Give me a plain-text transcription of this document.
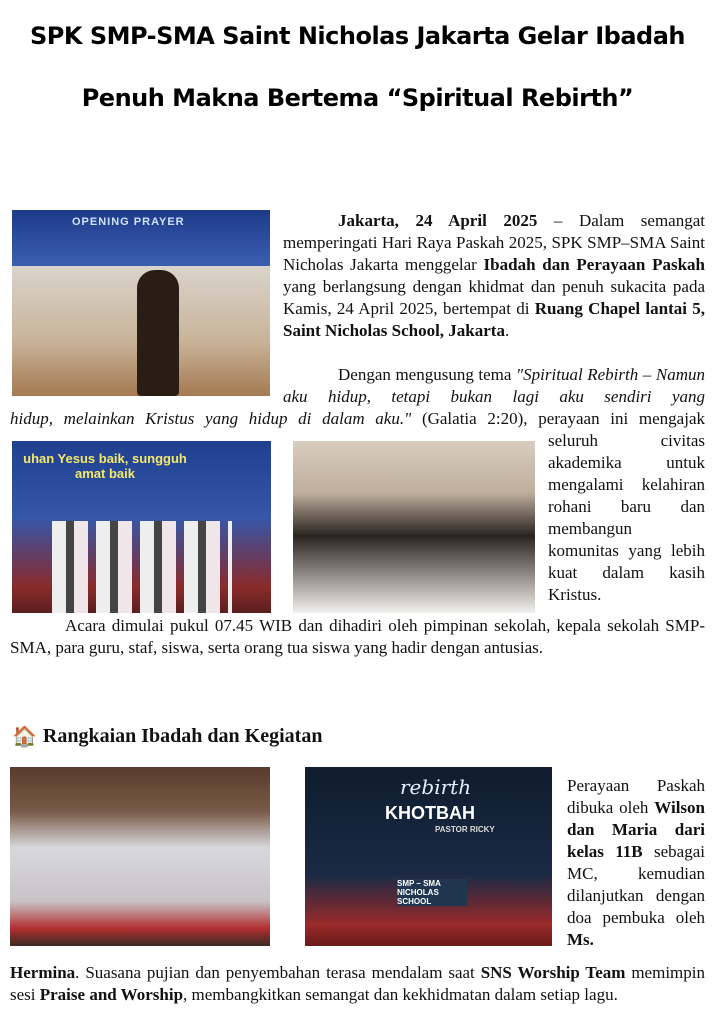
SPK SMP-SMA Saint Nicholas Jakarta Gelar Ibadah
Penuh Makna Bertema “Spiritual Rebirth”
OPENING PRAYER	Jakarta, 24 April 2025 – Dalam semangat memperingati Hari Raya Paskah 2025, SPK SMP–SMA Saint Nicholas Jakarta menggelar Ibadah dan Perayaan Paskah yang berlangsung dengan khidmat dan penuh sukacita pada Kamis, 24 April 2025, bertempat di Ruang Chapel lantai 5, Saint Nicholas School, Jakarta.
Dengan mengusung tema "Spiritual Rebirth – Namun aku hidup, tetapi bukan lagi aku sendiri yang
hidup, melainkan Kristus yang hidup di dalam aku." (Galatia 2:20), perayaan ini mengajak
seluruh civitas akademika untuk mengalami kelahiran rohani baru dan membangun komunitas yang lebih kuat dalam kasih Kristus.
uhan Yesus baik, sungguh amat baik
Acara dimulai pukul 07.45 WIB dan dihadiri oleh pimpinan sekolah, kepala sekolah SMP-SMA, para guru, staf, siswa, serta orang tua siswa yang hadir dengan antusias.
🏠 Rangkaian Ibadah dan Kegiatan
rebirth
KHOTBAH
PASTOR RICKY
SMP – SMA NICHOLAS SCHOOL
Perayaan Paskah dibuka oleh Wilson dan Maria dari kelas 11B sebagai MC, kemudian dilanjutkan dengan doa pembuka oleh Ms.
Hermina. Suasana pujian dan penyembahan terasa mendalam saat SNS Worship Team memimpin sesi Praise and Worship, membangkitkan semangat dan kekhidmatan dalam setiap lagu.
